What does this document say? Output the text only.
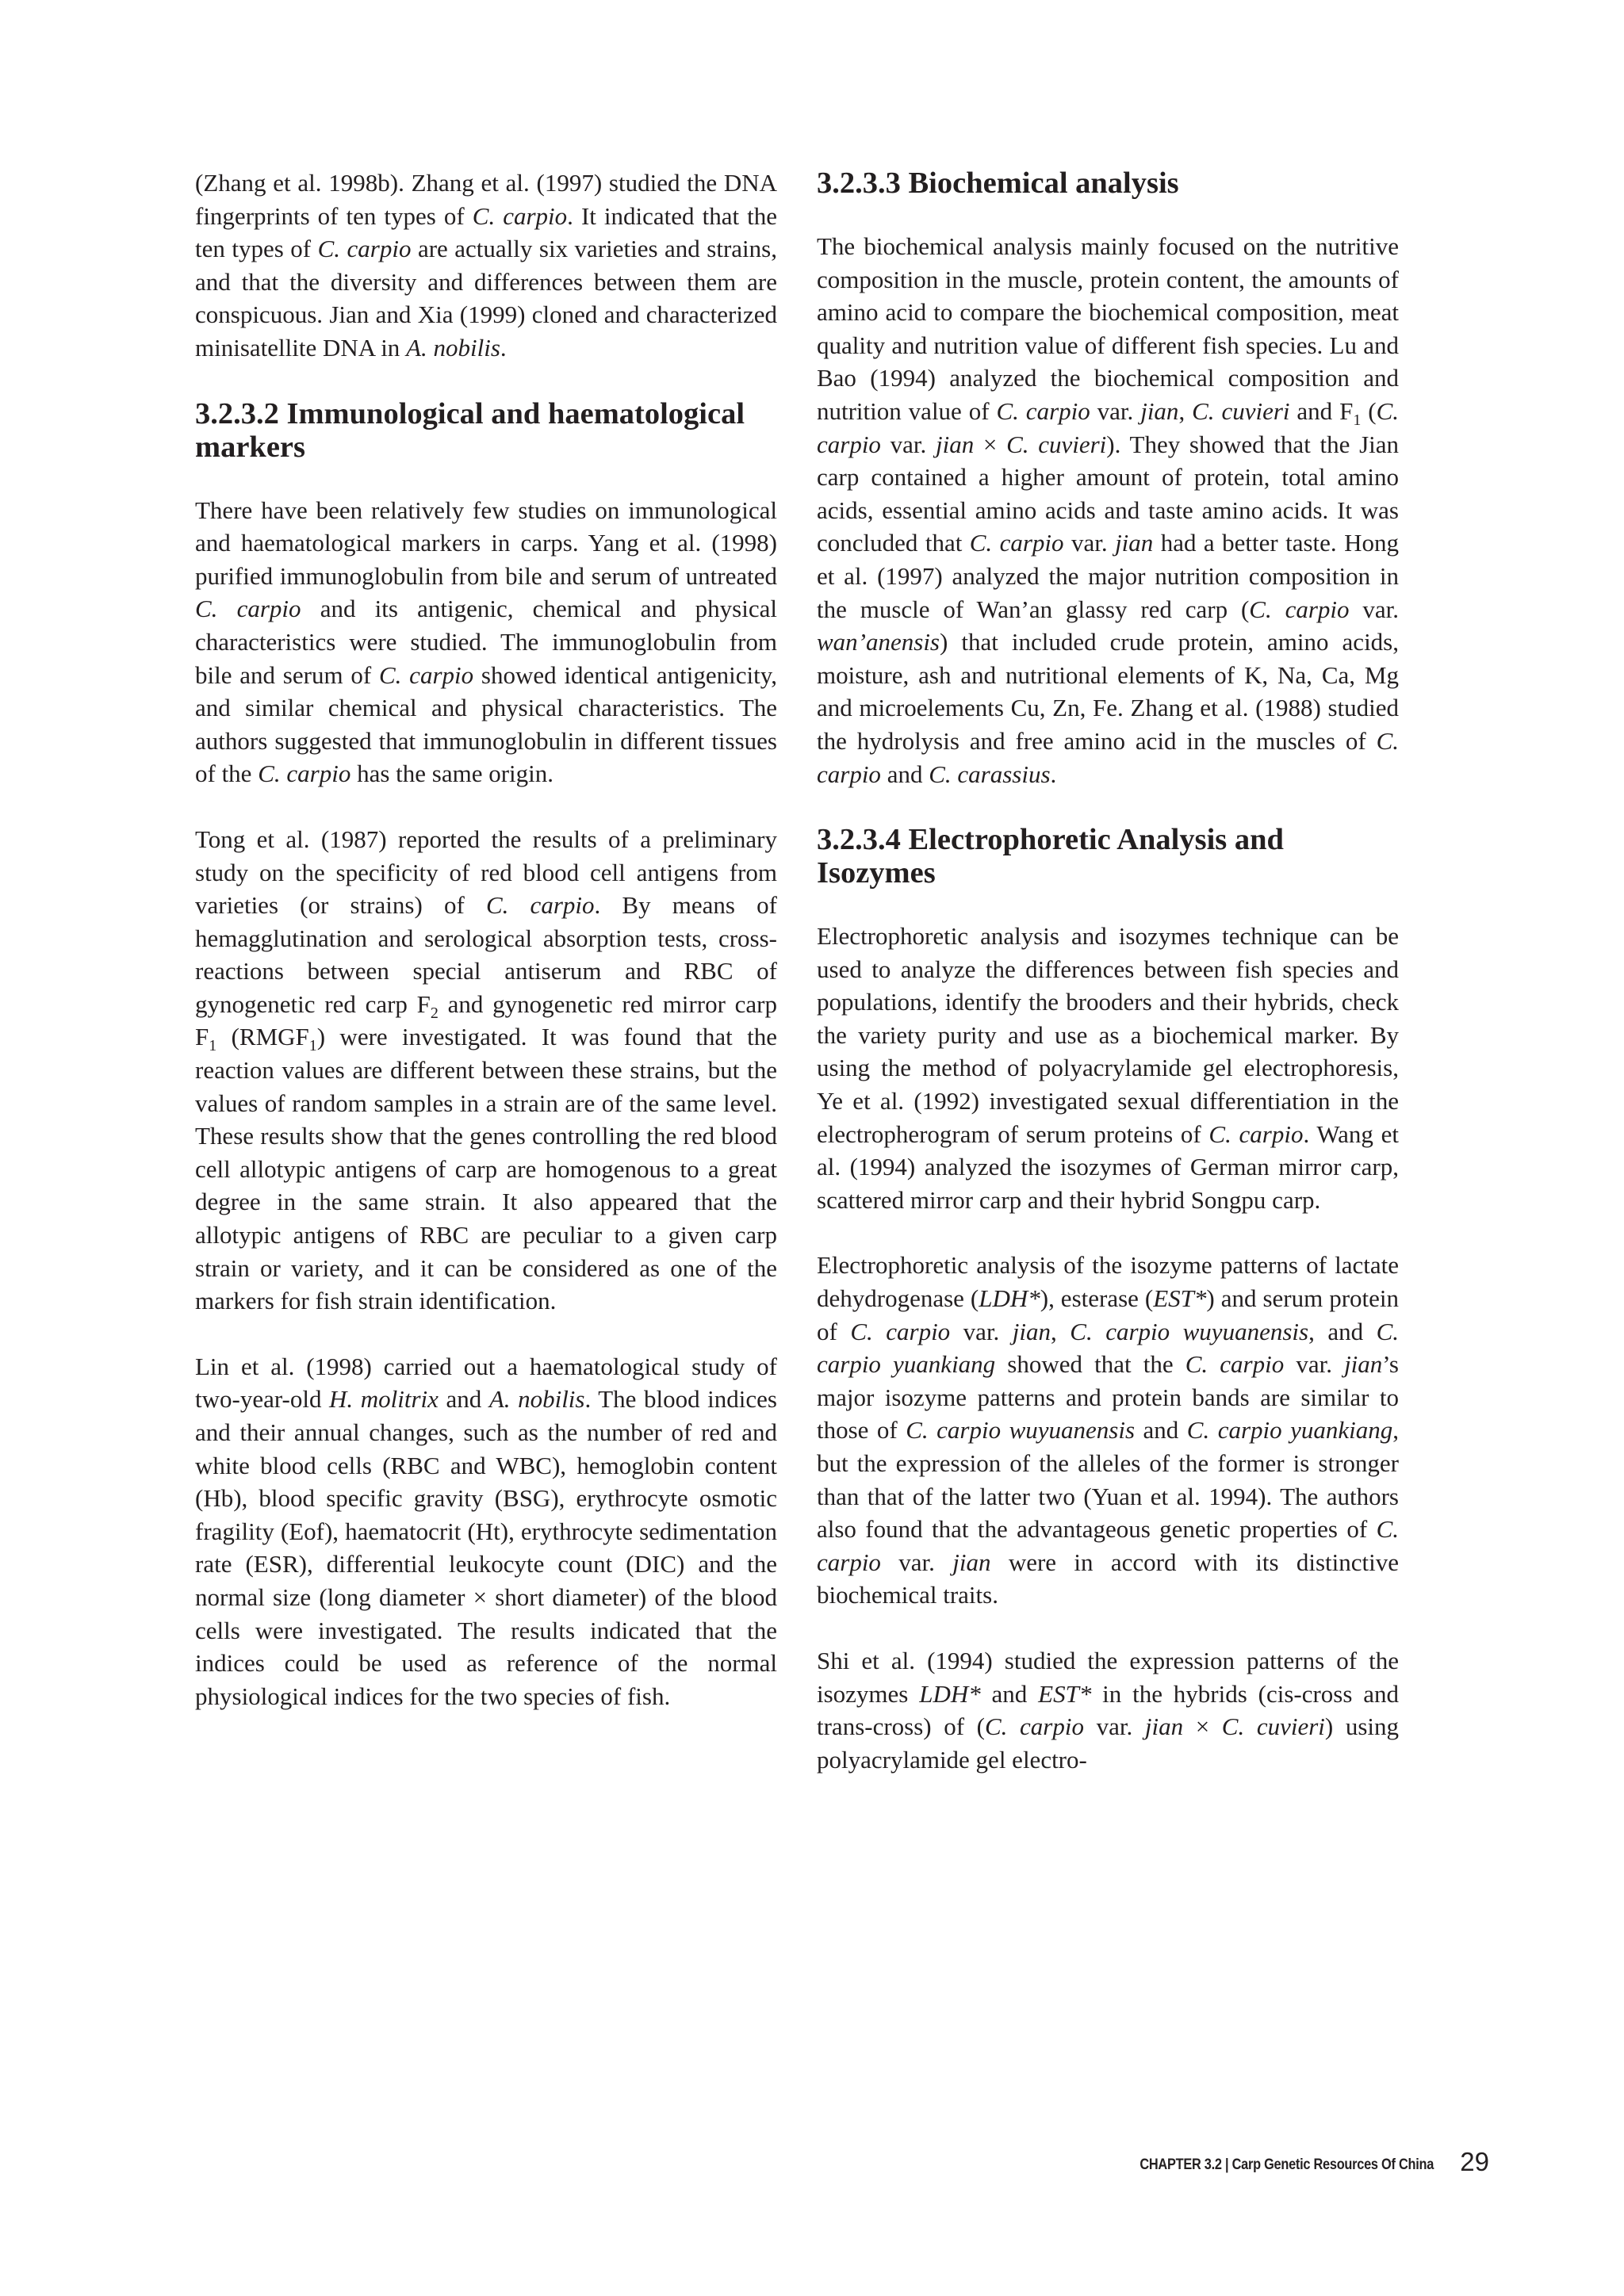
(Zhang et al. 1998b). Zhang et al. (1997) studied the DNA fingerprints of ten types of C. carpio. It indicated that the ten types of C. carpio are actually six varieties and strains, and that the diversity and differences between them are conspicuous. Jian and Xia (1999) cloned and characterized minisatellite DNA in A. nobilis.

3.2.3.2 Immunological and haematological markers

There have been relatively few studies on immunological and haematological markers in carps. Yang et al. (1998) purified immunoglobulin from bile and serum of untreated C. carpio and its antigenic, chemical and physical characteristics were studied. The immunoglobulin from bile and serum of C. carpio showed identical antigenicity, and similar chemical and physical characteristics. The authors suggested that immunoglobulin in different tissues of the C. carpio has the same origin.

Tong et al. (1987) reported the results of a preliminary study on the specificity of red blood cell antigens from varieties (or strains) of C. carpio. By means of hemagglutination and serological absorption tests, cross-reactions between special antiserum and RBC of gynogenetic red carp $F_2$ and gynogenetic red mirror carp $F_1$ $(RMGF_1)$ were investigated. It was found that the reaction values are different between these strains, but the values of random samples in a strain are of the same level. These results show that the genes controlling the red blood cell allotypic antigens of carp are homogenous to a great degree in the same strain. It also appeared that the allotypic antigens of RBC are peculiar to a given carp strain or variety, and it can be considered as one of the markers for fish strain identification.

Lin et al. (1998) carried out a haematological study of two-year-old H. molitrix and A. nobilis. The blood indices and their annual changes, such as the number of red and white blood cells (RBC and WBC), hemoglobin content (Hb), blood specific gravity (BSG), erythrocyte osmotic fragility (Eof), haematocrit (Ht), erythrocyte sedimentation rate (ESR), differential leukocyte count (DIC) and the normal size (long diameter × short diameter) of the blood cells were investigated. The results indicated that the indices could be used as reference of the normal physiological indices for the two species of fish.

3.2.3.3 Biochemical analysis

The biochemical analysis mainly focused on the nutritive composition in the muscle, protein content, the amounts of amino acid to compare the biochemical composition, meat quality and nutrition value of different fish species. Lu and Bao (1994) analyzed the biochemical composition and nutrition value of C. carpio var. jian, C. cuvieri and $F_1$ (C. carpio var. jian × C. cuvieri). They showed that the Jian carp contained a higher amount of protein, total amino acids, essential amino acids and taste amino acids. It was concluded that C. carpio var. jian had a better taste. Hong et al. (1997) analyzed the major nutrition composition in the muscle of Wan’an glassy red carp (C. carpio var. wan’anensis) that included crude protein, amino acids, moisture, ash and nutritional elements of K, Na, Ca, Mg and microelements Cu, Zn, Fe. Zhang et al. (1988) studied the hydrolysis and free amino acid in the muscles of C. carpio and C. carassius.

3.2.3.4 Electrophoretic Analysis and Isozymes

Electrophoretic analysis and isozymes technique can be used to analyze the differences between fish species and populations, identify the brooders and their hybrids, check the variety purity and use as a biochemical marker. By using the method of polyacrylamide gel electrophoresis, Ye et al. (1992) investigated sexual differentiation in the electropherogram of serum proteins of C. carpio. Wang et al. (1994) analyzed the isozymes of German mirror carp, scattered mirror carp and their hybrid Songpu carp.

Electrophoretic analysis of the isozyme patterns of lactate dehydrogenase (LDH*), esterase (EST*) and serum protein of C. carpio var. jian, C. carpio wuyuanensis, and C. carpio yuankiang showed that the C. carpio var. jian’s major isozyme patterns and protein bands are similar to those of C. carpio wuyuanensis and C. carpio yuankiang, but the expression of the alleles of the former is stronger than that of the latter two (Yuan et al. 1994). The authors also found that the advantageous genetic properties of C. carpio var. jian were in accord with its distinctive biochemical traits.

Shi et al. (1994) studied the expression patterns of the isozymes LDH* and EST* in the hybrids (cis-cross and trans-cross) of (C. carpio var. jian × C. cuvieri) using polyacrylamide gel electro-

CHAPTER 3.2 | Carp Genetic Resources Of China 29
